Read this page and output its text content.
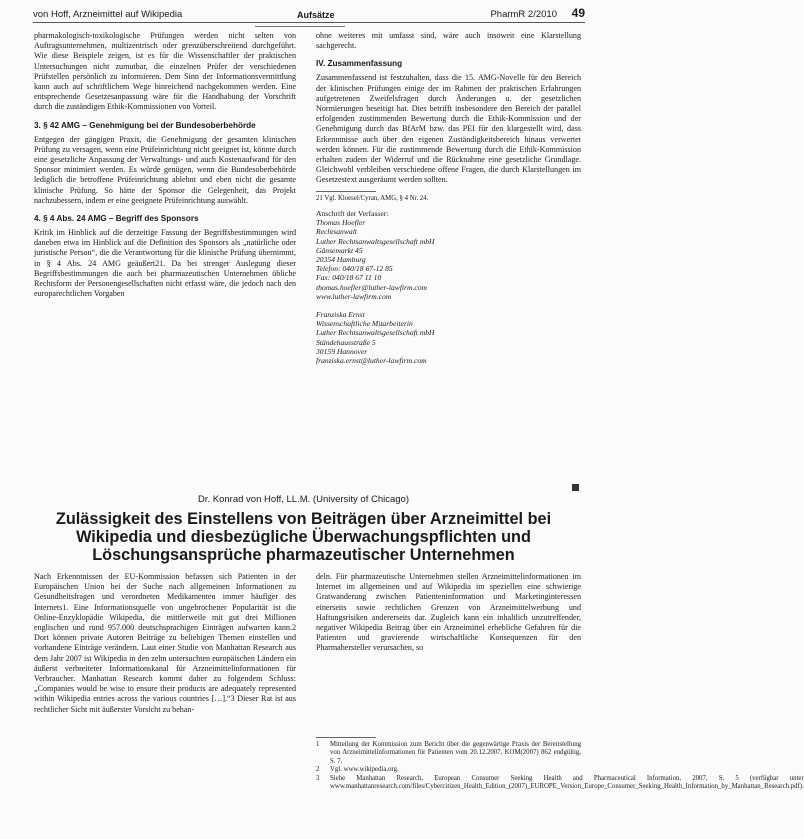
von Hoff, Arzneimittel auf Wikipedia	Aufsätze	PharmR 2/2010 49

pharmakologisch-toxikologische Prüfungen werden nicht selten von Auftragsunternehmen, multizentrisch oder grenzüberschreitend durchgeführt. Wie diese Beispiele zeigen, ist es für die Wissenschaftler der praktischen Untersuchungen nicht zumutbar, die einzelnen Prüfer der verschiedenen Prüfstellen persönlich zu informieren. Dem Sinn der Informationsvermittlung kann auch auf schriftlichem Wege hinreichend nachgekommen werden. Eine entsprechende Gesetzesanpassung wäre für die Handhabung der Vorschrift durch die zuständigen Ethik-Kommissionen von Vorteil.

3. § 42 AMG – Genehmigung bei der Bundesoberbehörde

Entgegen der gängigen Praxis, die Genehmigung der gesamten klinischen Prüfung zu versagen, wenn eine Prüfeinrichtung nicht geeignet ist, könnte durch eine gesetzliche Anpassung der Verwaltungs- und auch Kostenaufwand für den Sponsor minimiert werden. Es würde genügen, wenn die Bundesoberbehörde lediglich die betroffene Prüfeinrichtung ablehnt und eben nicht die gesamte klinische Prüfung. So hätte der Sponsor die Gelegenheit, das Projekt nachzubessern, indem er eine geeignete Prüfeinrichtung auswählt.

4. § 4 Abs. 24 AMG – Begriff des Sponsors

Kritik im Hinblick auf die derzeitige Fassung der Begriffsbestimmungen wird daneben etwa im Hinblick auf die Definition des Sponsors als „natürliche oder juristische Person“, die die Verantwortung für die klinische Prüfung übernimmt, in § 4 Abs. 24 AMG geäußert21. Da bei strenger Auslegung dieser Begriffsbestimmungen die auch bei pharmazeutischen Unternehmen übliche Rechtsform der Personengesellschaften nicht erfasst wäre, die jedoch nach den europarechtlichen Vorgaben

ohne weiteres mit umfasst sind, wäre auch insoweit eine Klarstellung sachgerecht.

IV. Zusammenfassung

Zusammenfassend ist festzuhalten, dass die 15. AMG-Novelle für den Bereich der klinischen Prüfungen einige der im Rahmen der praktischen Erfahrungen aufgetretenen Zweifelsfragen durch Änderungen u. der gesetzlichen Normierungen beseitigt hat. Dies betrifft insbesondere den Bereich der parallel erfolgenden zustimmenden Bewertung durch die Ethik-Kommission und der Genehmigung durch das BfArM bzw. das PEI für den klargestellt wird, dass Erkenntnisse auch über den eigenen Zuständigkeitsbereich hinaus verwertet werden können. Für die zustimmende Bewertung durch die Ethik-Kommission erhalten zudem der Widerruf und die Rücknahme eine gesetzliche Grundlage. Gleichwohl verbleiben verschiedene offene Fragen, die durch Klarstellungen im Gesetzestext ausgeräumt werden sollten.

21 Vgl. Kloesel/Cyran, AMG, § 4 Nr. 24.

Anschrift der Verfasser:
Thomas Hoefler
Rechtsanwalt
Luther Rechtsanwaltsgesellschaft mbH
Gänsemarkt 45
20354 Hamburg
Telefon: 040/18 67-12 85
Fax: 040/18 67 11 10
thomas.hoefler@luther-lawfirm.com
www.luther-lawfirm.com
Franziska Ernst
Wissenschaftliche Mitarbeiterin
Luther Rechtsanwaltsgesellschaft mbH
Ständehausstraße 5
30159 Hannover
franziska.ernst@luther-lawfirm.com
Dr. Konrad von Hoff, LL.M. (University of Chicago)
Zulässigkeit des Einstellens von Beiträgen über Arzneimittel bei Wikipedia und diesbezügliche Überwachungspflichten und Löschungsansprüche pharmazeutischer Unternehmen

Nach Erkenntnissen der EU-Kommission befassen sich Patienten in der Europäischen Union bei der Suche nach allgemeinen Informationen zu Gesundheitsfragen und verordneten Medikamenten immer häufiger des Internets1. Eine Informationsquelle von ungebrochener Popularität ist die Online-Enzyklopädie Wikipedia, die mittlerweile mit gut drei Millionen englischen und rund 957.000 deutschsprachigen Einträgen aufwarten kann.2 Dort können private Autoren Beiträge zu beliebigen Themen einstellen und vorhandene Einträge verändern. Laut einer Studie von Manhattan Research aus dem Jahr 2007 ist Wikipedia in den zehn untersuchten europäischen Ländern ein äußerst verbreiteter Informationskanal für Arzneimittelinformationen für Verbraucher. Manhattan Research kommt daher zu folgendem Schluss: „Companies would be wise to ensure their products are adequately represented within Wikipedia entries across the various countries […].“3 Dieser Rat ist aus rechtlicher Sicht mit äußerster Vorsicht zu behan-

deln. Für pharmazeutische Unternehmen stellen Arzneimittelinformationen im Internet im allgemeinen und auf Wikipedia im speziellen eine schwierige Gratwanderung zwischen Patienteninformation und Marketinginteressen einerseits sowie rechtlichen Grenzen von Arzneimittelwerbung und Haftungsrisiken andererseits dar. Zugleich kann ein inhaltlich unzutreffender, negativer Wikipedia Beitrag über ein Arzneimittel erhebliche Gefahren für die Patienten und gravierende wirtschaftliche Konsequenzen für den Pharmahersteller verursachen, so

1	Mitteilung der Kommission zum Bericht über die gegenwärtige Praxis der Bereitstellung von Arzneimittelinformationen für Patienten vom 20.12.2007, KOM(2007) 862 endgültig, S. 7.
2	Vgl. www.wikipedia.org.
3	Siehe Manhattan Research, European Consumer Seeking Health and Pharmaceutical Information, 2007, S. 5 (verfügbar unter www.manhattanresearch.com/files/Cybercitizen_Health_Edition_(2007)_EUROPE_Version_Europe_Consumer_Seeking_Health_Information_by_Manhattan_Research.pdf).
